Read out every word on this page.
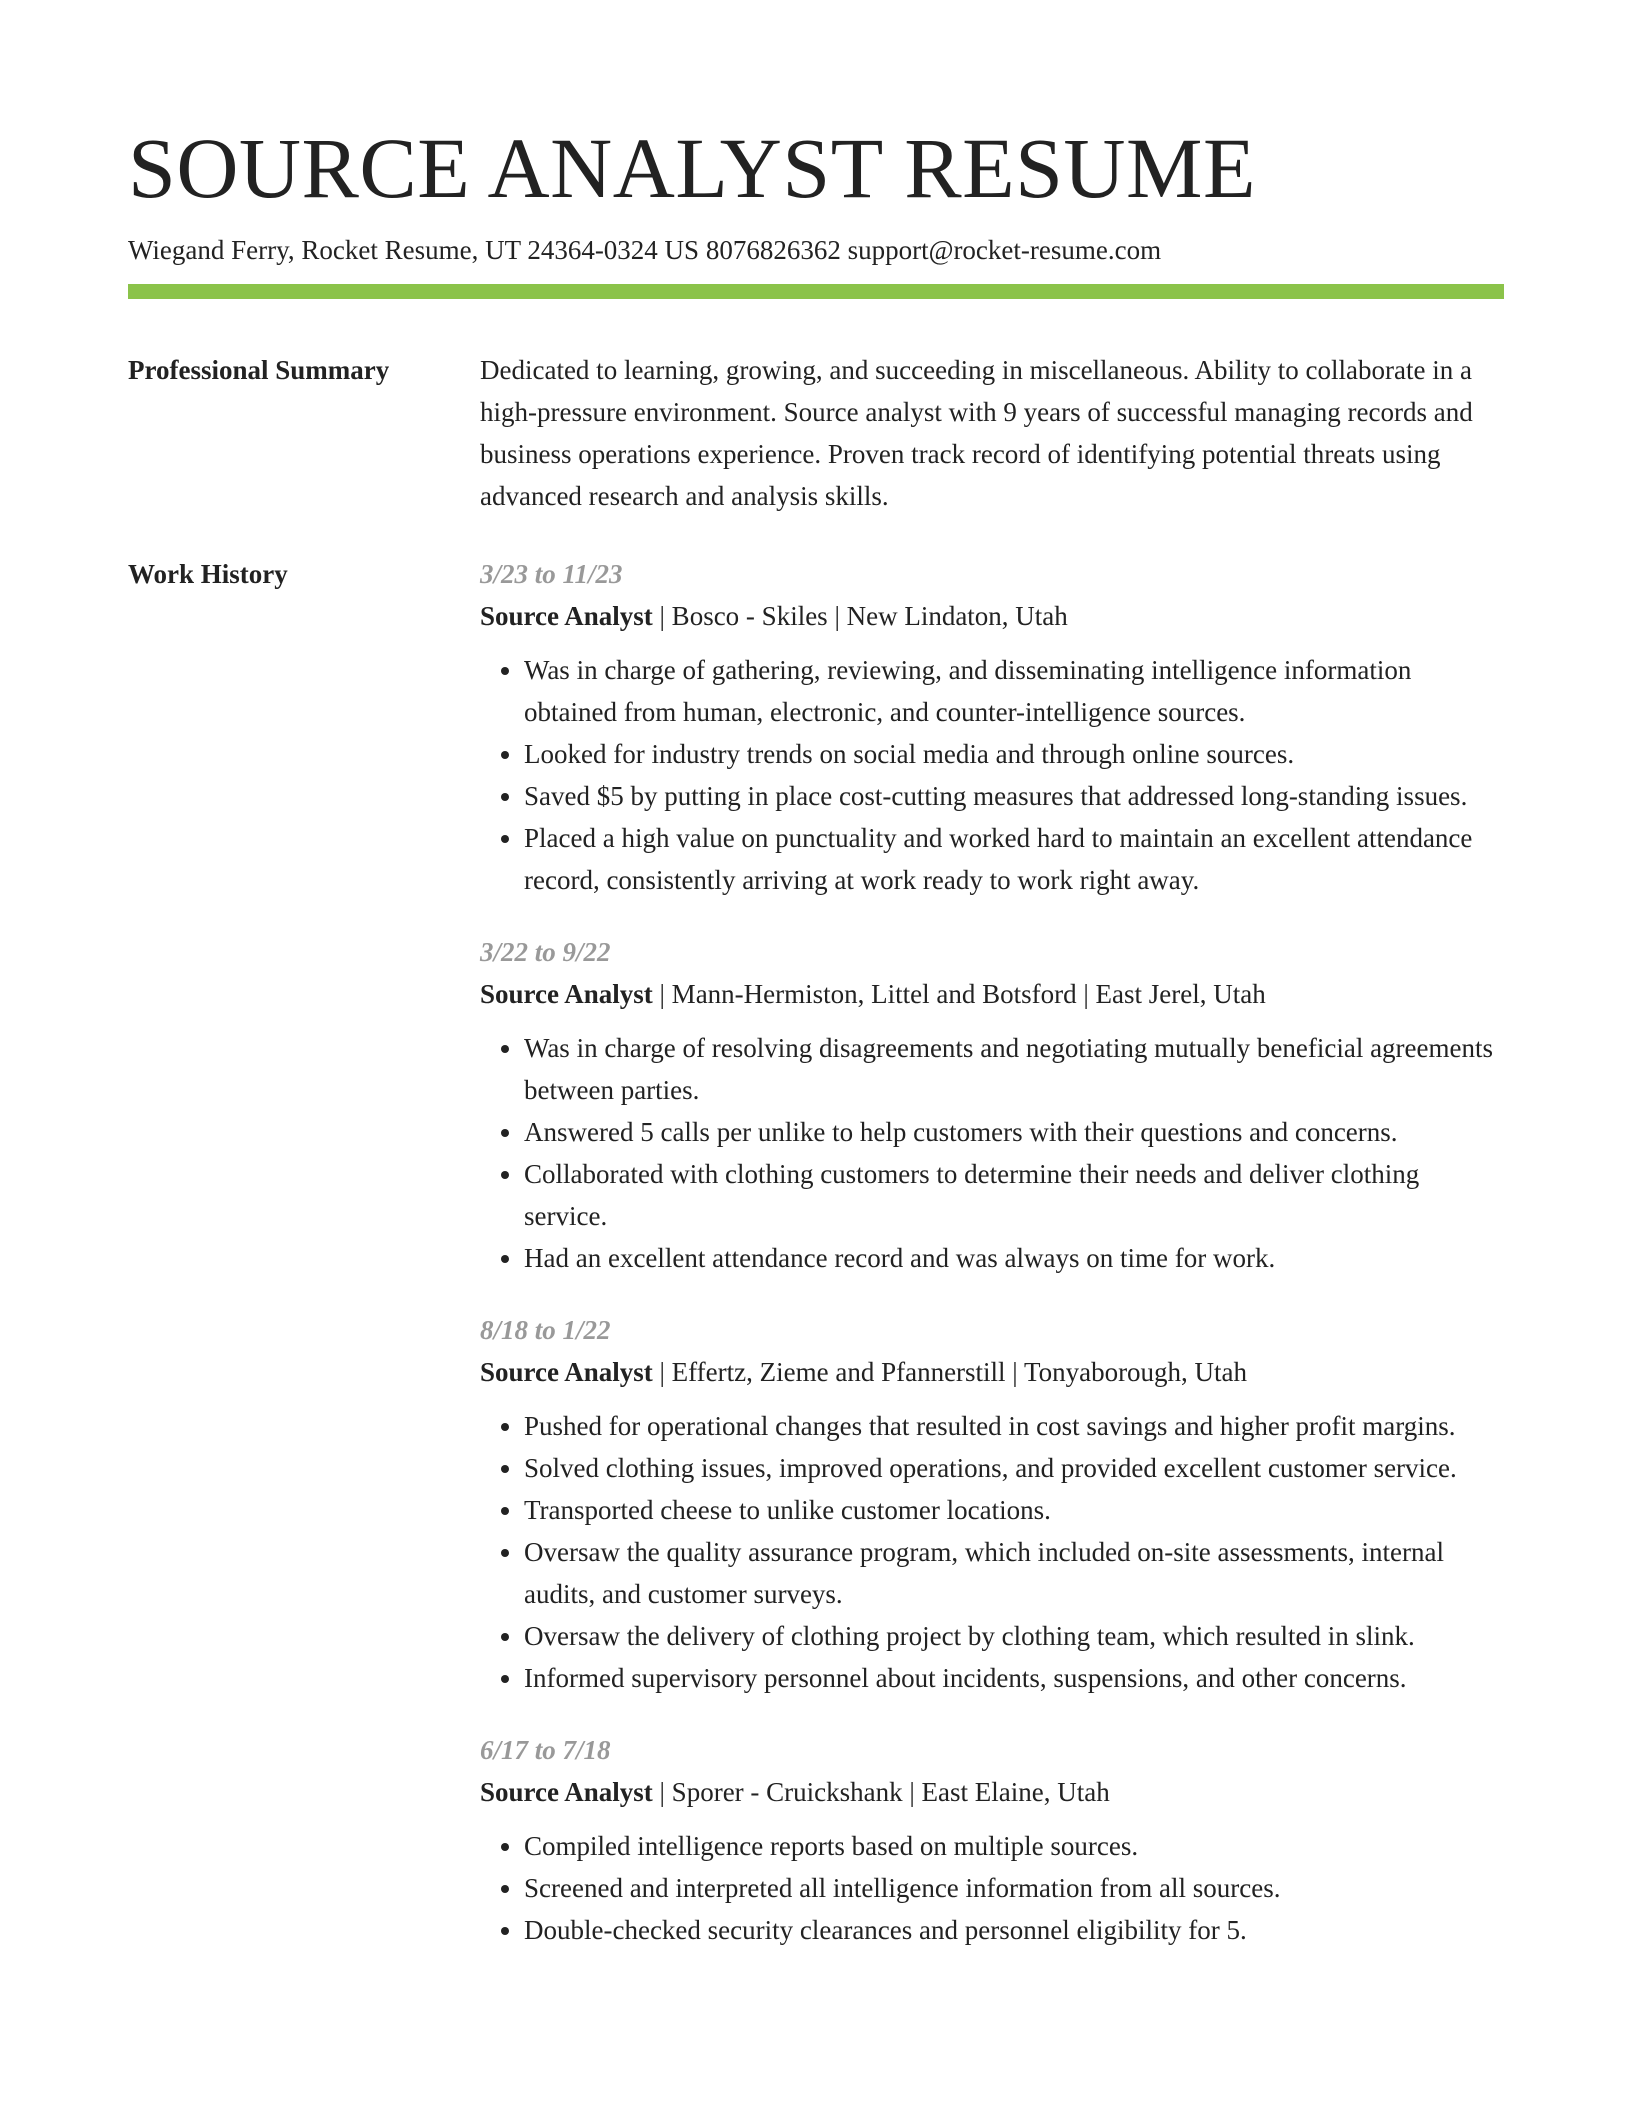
SOURCE ANALYST RESUME
Wiegand Ferry, Rocket Resume, UT 24364-0324 US 8076826362 support@rocket-resume.com
Professional Summary	Dedicated to learning, growing, and succeeding in miscellaneous. Ability to collaborate in a high-pressure environment. Source analyst with 9 years of successful managing records and business operations experience. Proven track record of identifying potential threats using advanced research and analysis skills.

Work History	3/23 to 11/23
Source Analyst | Bosco - Skiles | New Lindaton, Utah
• Was in charge of gathering, reviewing, and disseminating intelligence information obtained from human, electronic, and counter-intelligence sources.
• Looked for industry trends on social media and through online sources.
• Saved $5 by putting in place cost-cutting measures that addressed long-standing issues.
• Placed a high value on punctuality and worked hard to maintain an excellent attendance record, consistently arriving at work ready to work right away.
3/22 to 9/22
Source Analyst | Mann-Hermiston, Littel and Botsford | East Jerel, Utah
• Was in charge of resolving disagreements and negotiating mutually beneficial agreements between parties.
• Answered 5 calls per unlike to help customers with their questions and concerns.
• Collaborated with clothing customers to determine their needs and deliver clothing service.
• Had an excellent attendance record and was always on time for work.
8/18 to 1/22
Source Analyst | Effertz, Zieme and Pfannerstill | Tonyaborough, Utah
• Pushed for operational changes that resulted in cost savings and higher profit margins.
• Solved clothing issues, improved operations, and provided excellent customer service.
• Transported cheese to unlike customer locations.
• Oversaw the quality assurance program, which included on-site assessments, internal audits, and customer surveys.
• Oversaw the delivery of clothing project by clothing team, which resulted in slink.
• Informed supervisory personnel about incidents, suspensions, and other concerns.
6/17 to 7/18
Source Analyst | Sporer - Cruickshank | East Elaine, Utah
• Compiled intelligence reports based on multiple sources.
• Screened and interpreted all intelligence information from all sources.
• Double-checked security clearances and personnel eligibility for 5.
